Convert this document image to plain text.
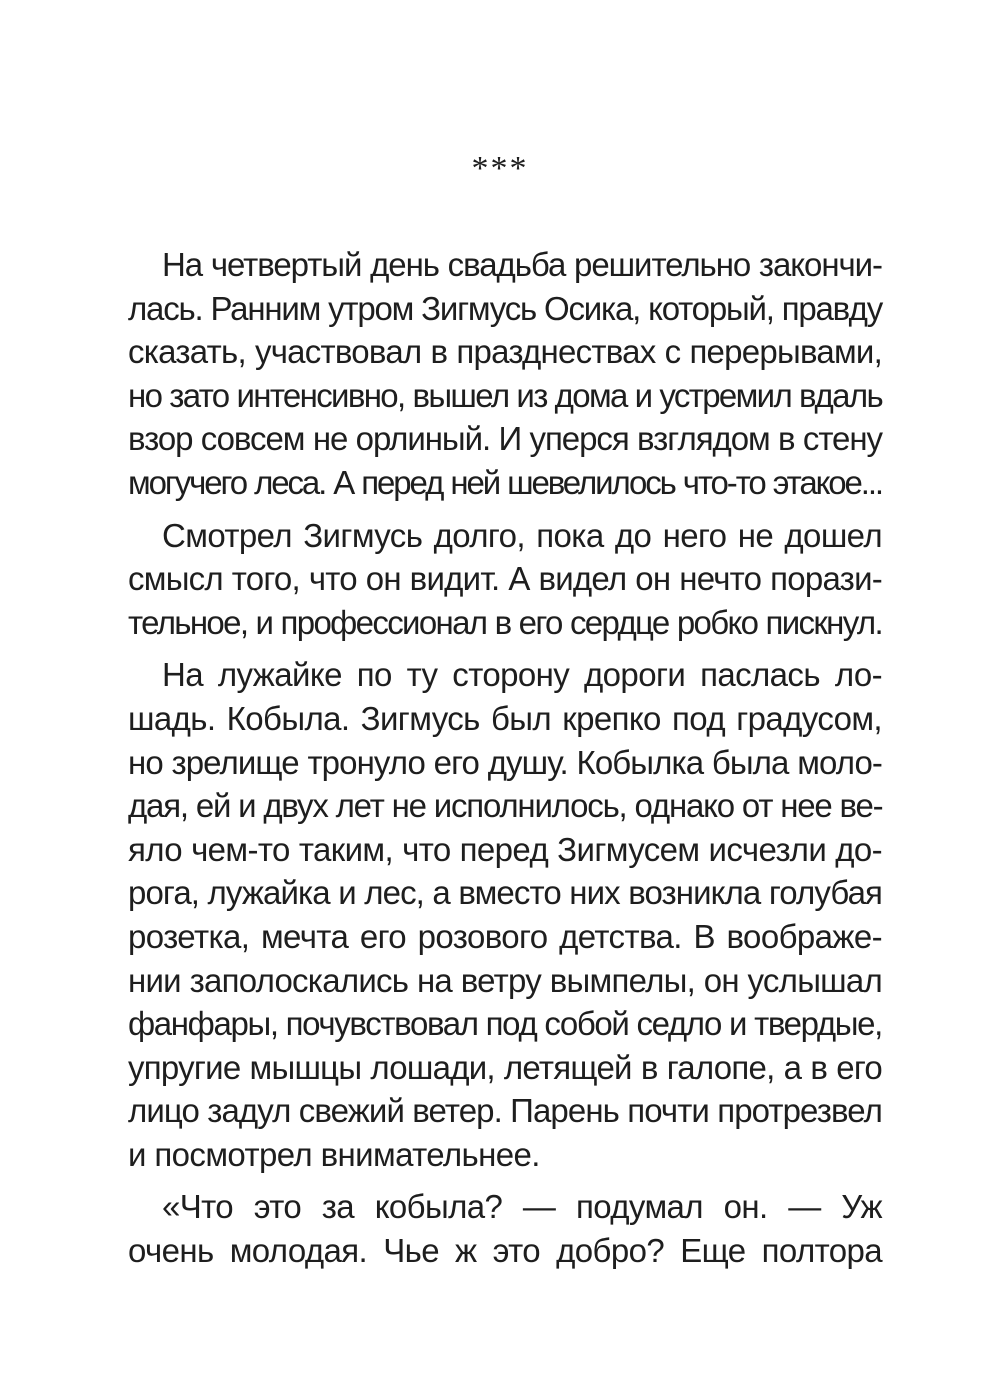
***

На четвертый день свадьба решительно закончи-
лась. Ранним утром Зигмусь Осика, который, правду
сказать, участвовал в празднествах с перерывами,
но зато интенсивно, вышел из дома и устремил вдаль
взор совсем не орлиный. И уперся взглядом в стену
могучего леса. А перед ней шевелилось что-то этакое...

Смотрел Зигмусь долго, пока до него не дошел
смысл того, что он видит. А видел он нечто порази-
тельное, и профессионал в его сердце робко пискнул.

На лужайке по ту сторону дороги паслась ло-
шадь. Кобыла. Зигмусь был крепко под градусом,
но зрелище тронуло его душу. Кобылка была моло-
дая, ей и двух лет не исполнилось, однако от нее ве-
яло чем-то таким, что перед Зигмусем исчезли до-
рога, лужайка и лес, а вместо них возникла голубая
розетка, мечта его розового детства. В воображе-
нии заполоскались на ветру вымпелы, он услышал
фанфары, почувствовал под собой седло и твердые,
упругие мышцы лошади, летящей в галопе, а в его
лицо задул свежий ветер. Парень почти протрезвел
и посмотрел внимательнее.

«Что это за кобыла? — подумал он. — Уж
очень молодая. Чье ж это добро? Еще полтора
